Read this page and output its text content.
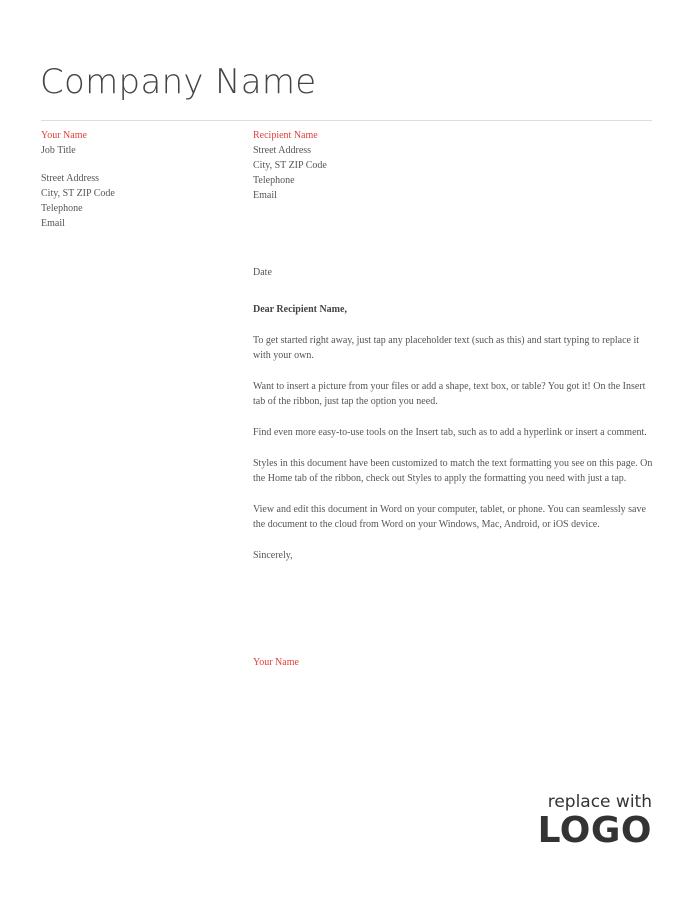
Company Name
Your Name
Job Title
Street Address
City, ST ZIP Code
Telephone
Email
Recipient Name
Street Address
City, ST ZIP Code
Telephone
Email

Date

Dear Recipient Name,

To get started right away, just tap any placeholder text (such as this) and start typing to replace it with your own.

Want to insert a picture from your files or add a shape, text box, or table? You got it! On the Insert tab of the ribbon, just tap the option you need.

Find even more easy-to-use tools on the Insert tab, such as to add a hyperlink or insert a comment.

Styles in this document have been customized to match the text formatting you see on this page. On the Home tab of the ribbon, check out Styles to apply the formatting you need with just a tap.

View and edit this document in Word on your computer, tablet, or phone. You can seamlessly save the document to the cloud from Word on your Windows, Mac, Android, or iOS device.

Sincerely,

Your Name
replace with
LOGO
